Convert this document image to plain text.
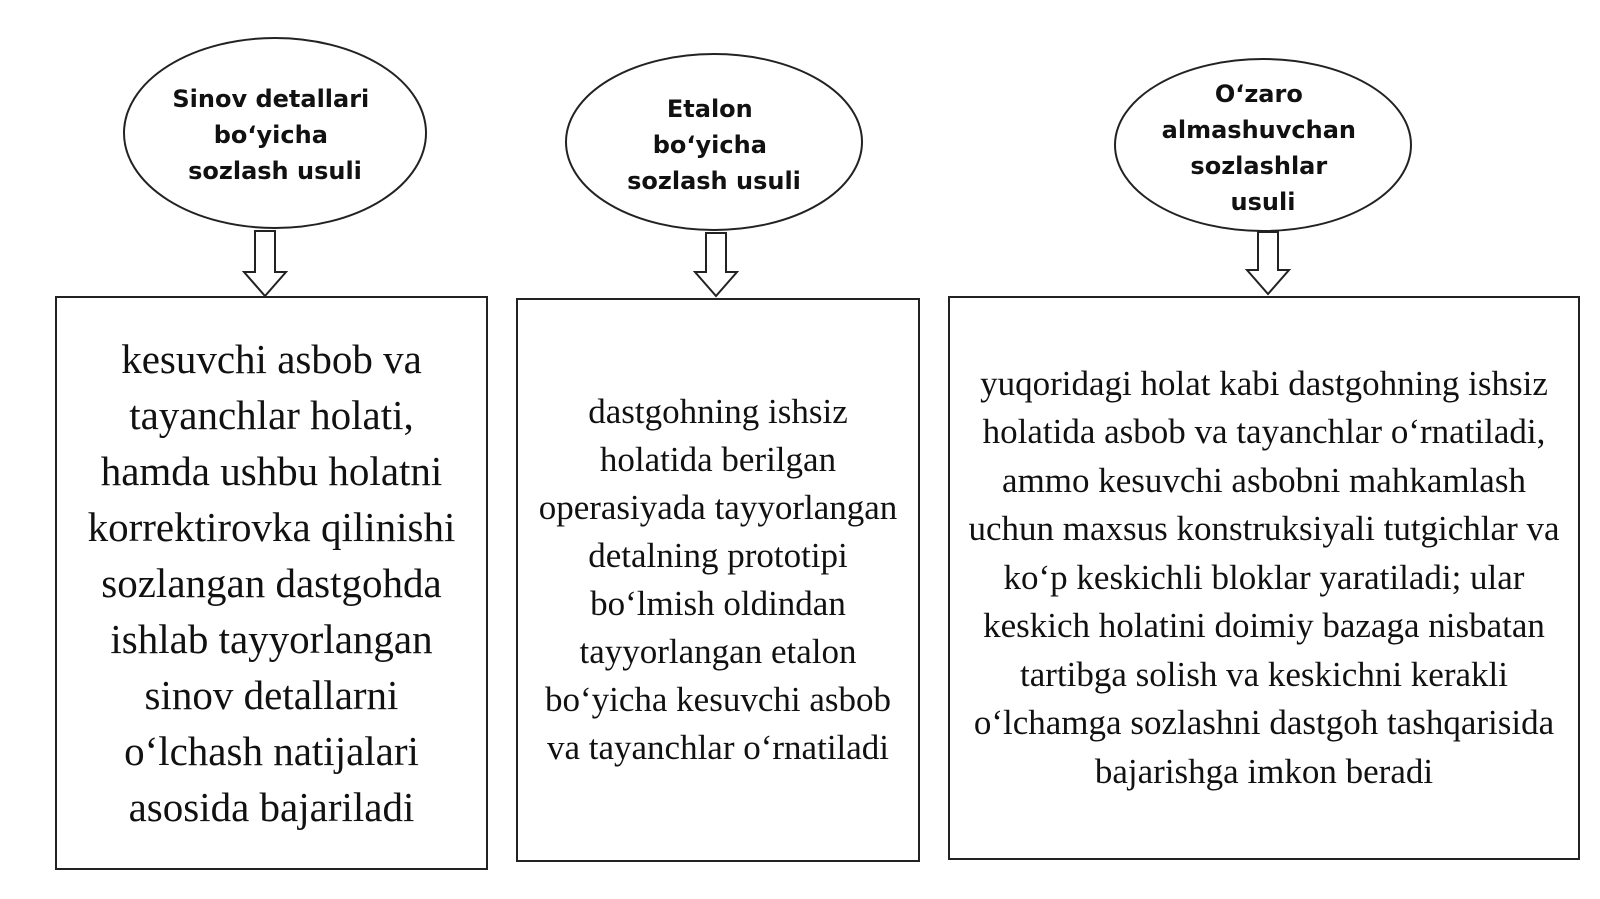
Sinov detallari bo‘yicha sozlash usuli
Etalon bo‘yicha sozlash usuli
O‘zaro almashuvchan sozlashlar usuli

kesuvchi asbob va tayanchlar holati, hamda ushbu holatni korrektirovka qilinishi sozlangan dastgohda ishlab tayyorlangan sinov detallarni o‘lchash natijalari asosida bajariladi

dastgohning ishsiz holatida berilgan operasiyada tayyorlangan detalning prototipi bo‘lmish oldindan tayyorlangan etalon bo‘yicha kesuvchi asbob va tayanchlar o‘rnatiladi

yuqoridagi holat kabi dastgohning ishsiz holatida asbob va tayanchlar o‘rnatiladi, ammo kesuvchi asbobni mahkamlash uchun maxsus konstruksiyali tutgichlar va ko‘p keskichli bloklar yaratiladi; ular keskich holatini doimiy bazaga nisbatan tartibga solish va keskichni kerakli o‘lchamga sozlashni dastgoh tashqarisida bajarishga imkon beradi
